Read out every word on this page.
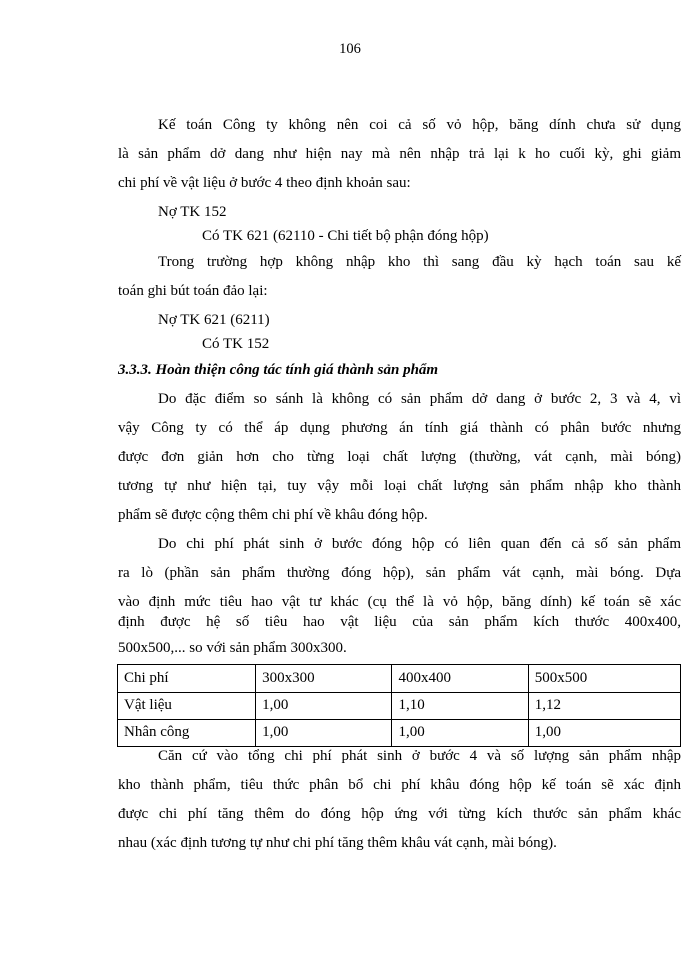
106
Kế toán Công ty không nên coi cả số vỏ hộp, băng dính chưa sử dụng
là sản phẩm dở dang như hiện nay mà nên nhập trả lại k ho cuối kỳ, ghi giảm
chi phí về vật liệu ở bước 4 theo định khoản sau:
Nợ TK 152
Có TK 621 (62110 - Chi tiết bộ phận đóng hộp)
Trong trường hợp không nhập kho thì sang đầu kỳ hạch toán sau kế
toán ghi bút toán đảo lại:
Nợ TK 621 (6211)
Có TK 152
3.3.3. Hoàn thiện công tác tính giá thành sản phẩm
Do đặc điểm so sánh là không có sản phẩm dở dang ở bước 2, 3 và 4, vì
vậy Công ty có thể áp dụng phương án tính giá thành có phân bước nhưng
được đơn giản hơn cho từng loại chất lượng (thường, vát cạnh, mài bóng)
tương tự như hiện tại, tuy vậy mỗi loại chất lượng sản phẩm nhập kho thành
phẩm sẽ được cộng thêm chi phí về khâu đóng hộp.
Do chi phí phát sinh ở bước đóng hộp có liên quan đến cả số sản phẩm
ra lò (phần sản phẩm thường đóng hộp), sản phẩm vát cạnh, mài bóng. Dựa
vào định mức tiêu hao vật tư khác (cụ thể là vỏ hộp, băng dính) kế toán sẽ xác
định được hệ số tiêu hao vật liệu của sản phẩm kích thước 400x400,
500x500,... so với sản phẩm 300x300.
Chi phí	300x300	400x400	500x500
Vật liệu	1,00	1,10	1,12
Nhân công	1,00	1,00	1,00
Căn cứ vào tổng chi phí phát sinh ở bước 4 và số lượng sản phẩm nhập
kho thành phẩm, tiêu thức phân bổ chi phí khâu đóng hộp kế toán sẽ xác định
được chi phí tăng thêm do đóng hộp ứng với từng kích thước sản phẩm khác
nhau (xác định tương tự như chi phí tăng thêm khâu vát cạnh, mài bóng).
